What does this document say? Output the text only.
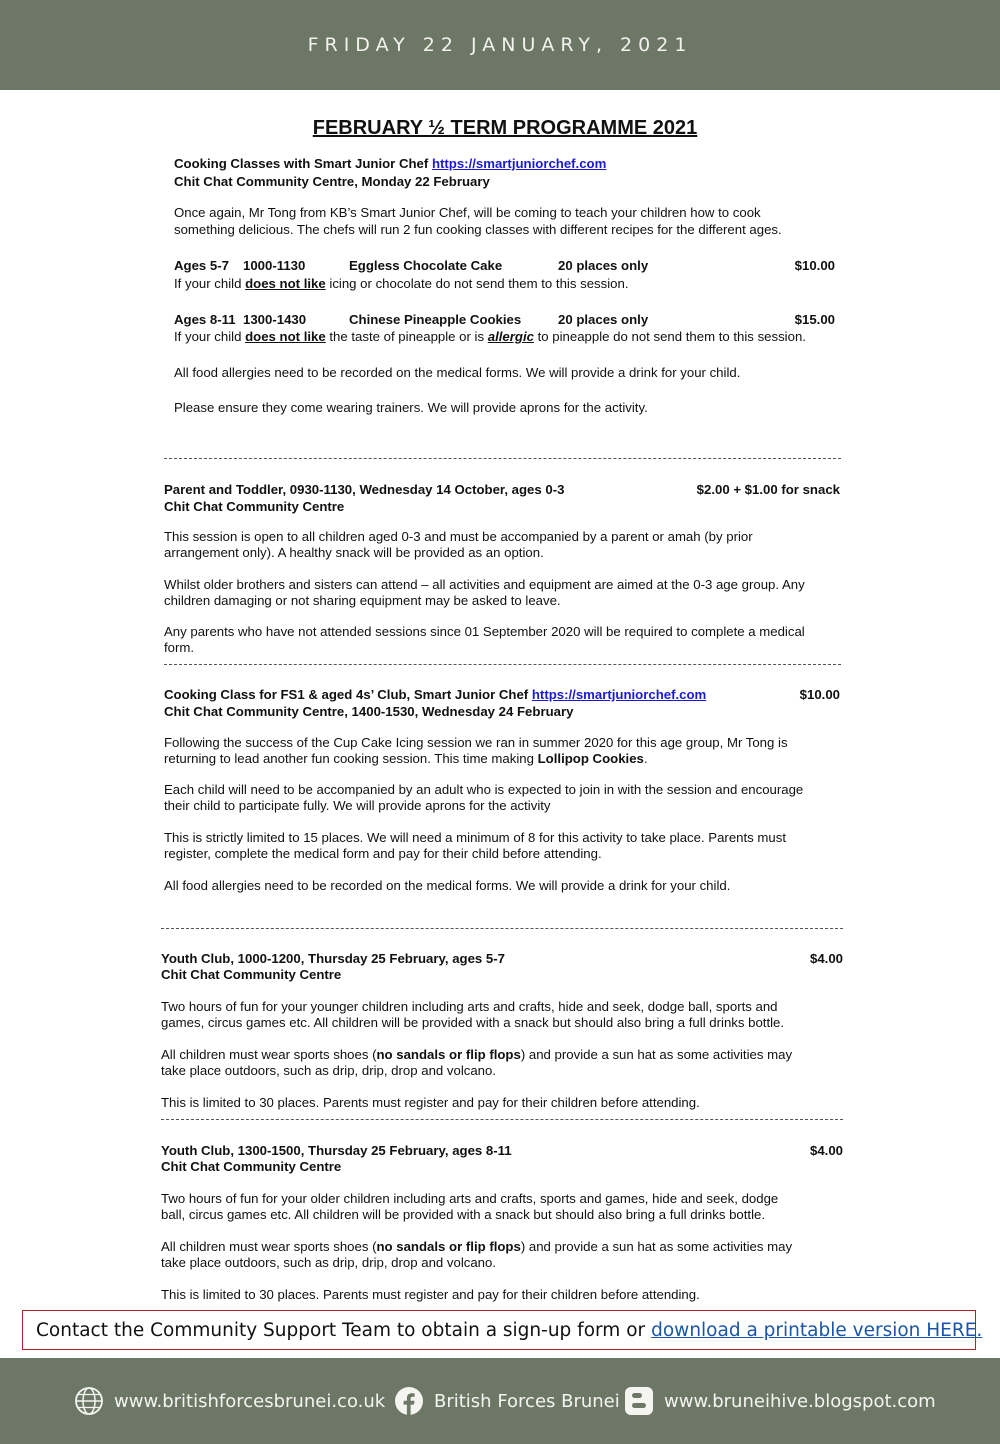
FRIDAY 22 JANUARY, 2021
FEBRUARY ½ TERM PROGRAMME 2021
Cooking Classes with Smart Junior Chef https://smartjuniorchef.com
Chit Chat Community Centre, Monday 22 February
Once again, Mr Tong from KB’s Smart Junior Chef, will be coming to teach your children how to cook
something delicious. The chefs will run 2 fun cooking classes with different recipes for the different ages.
Ages 5-7 1000-1130	Eggless Chocolate Cake	20 places only	$10.00
If your child does not like icing or chocolate do not send them to this session.
Ages 8-11 1300-1430	Chinese Pineapple Cookies	20 places only	$15.00
If your child does not like the taste of pineapple or is allergic to pineapple do not send them to this session.
All food allergies need to be recorded on the medical forms. We will provide a drink for your child.
Please ensure they come wearing trainers. We will provide aprons for the activity.
Parent and Toddler, 0930-1130, Wednesday 14 October, ages 0-3	$2.00 + $1.00 for snack
Chit Chat Community Centre
This session is open to all children aged 0-3 and must be accompanied by a parent or amah (by prior
arrangement only). A healthy snack will be provided as an option.
Whilst older brothers and sisters can attend – all activities and equipment are aimed at the 0-3 age group. Any
children damaging or not sharing equipment may be asked to leave.
Any parents who have not attended sessions since 01 September 2020 will be required to complete a medical
form.
Cooking Class for FS1 & aged 4s’ Club, Smart Junior Chef https://smartjuniorchef.com	$10.00
Chit Chat Community Centre, 1400-1530, Wednesday 24 February
Following the success of the Cup Cake Icing session we ran in summer 2020 for this age group, Mr Tong is
returning to lead another fun cooking session. This time making Lollipop Cookies.
Each child will need to be accompanied by an adult who is expected to join in with the session and encourage
their child to participate fully. We will provide aprons for the activity
This is strictly limited to 15 places. We will need a minimum of 8 for this activity to take place. Parents must
register, complete the medical form and pay for their child before attending.
All food allergies need to be recorded on the medical forms. We will provide a drink for your child.
Youth Club, 1000-1200, Thursday 25 February, ages 5-7	$4.00
Chit Chat Community Centre
Two hours of fun for your younger children including arts and crafts, hide and seek, dodge ball, sports and
games, circus games etc. All children will be provided with a snack but should also bring a full drinks bottle.
All children must wear sports shoes (no sandals or flip flops) and provide a sun hat as some activities may
take place outdoors, such as drip, drip, drop and volcano.
This is limited to 30 places. Parents must register and pay for their children before attending.
Youth Club, 1300-1500, Thursday 25 February, ages 8-11	$4.00
Chit Chat Community Centre
Two hours of fun for your older children including arts and crafts, sports and games, hide and seek, dodge
ball, circus games etc. All children will be provided with a snack but should also bring a full drinks bottle.
All children must wear sports shoes (no sandals or flip flops) and provide a sun hat as some activities may
take place outdoors, such as drip, drip, drop and volcano.
This is limited to 30 places. Parents must register and pay for their children before attending.
Contact the Community Support Team to obtain a sign-up form or download a printable version HERE.
www.britishforcesbrunei.co.uk	British Forces Brunei www.bruneihive.blogspot.com
